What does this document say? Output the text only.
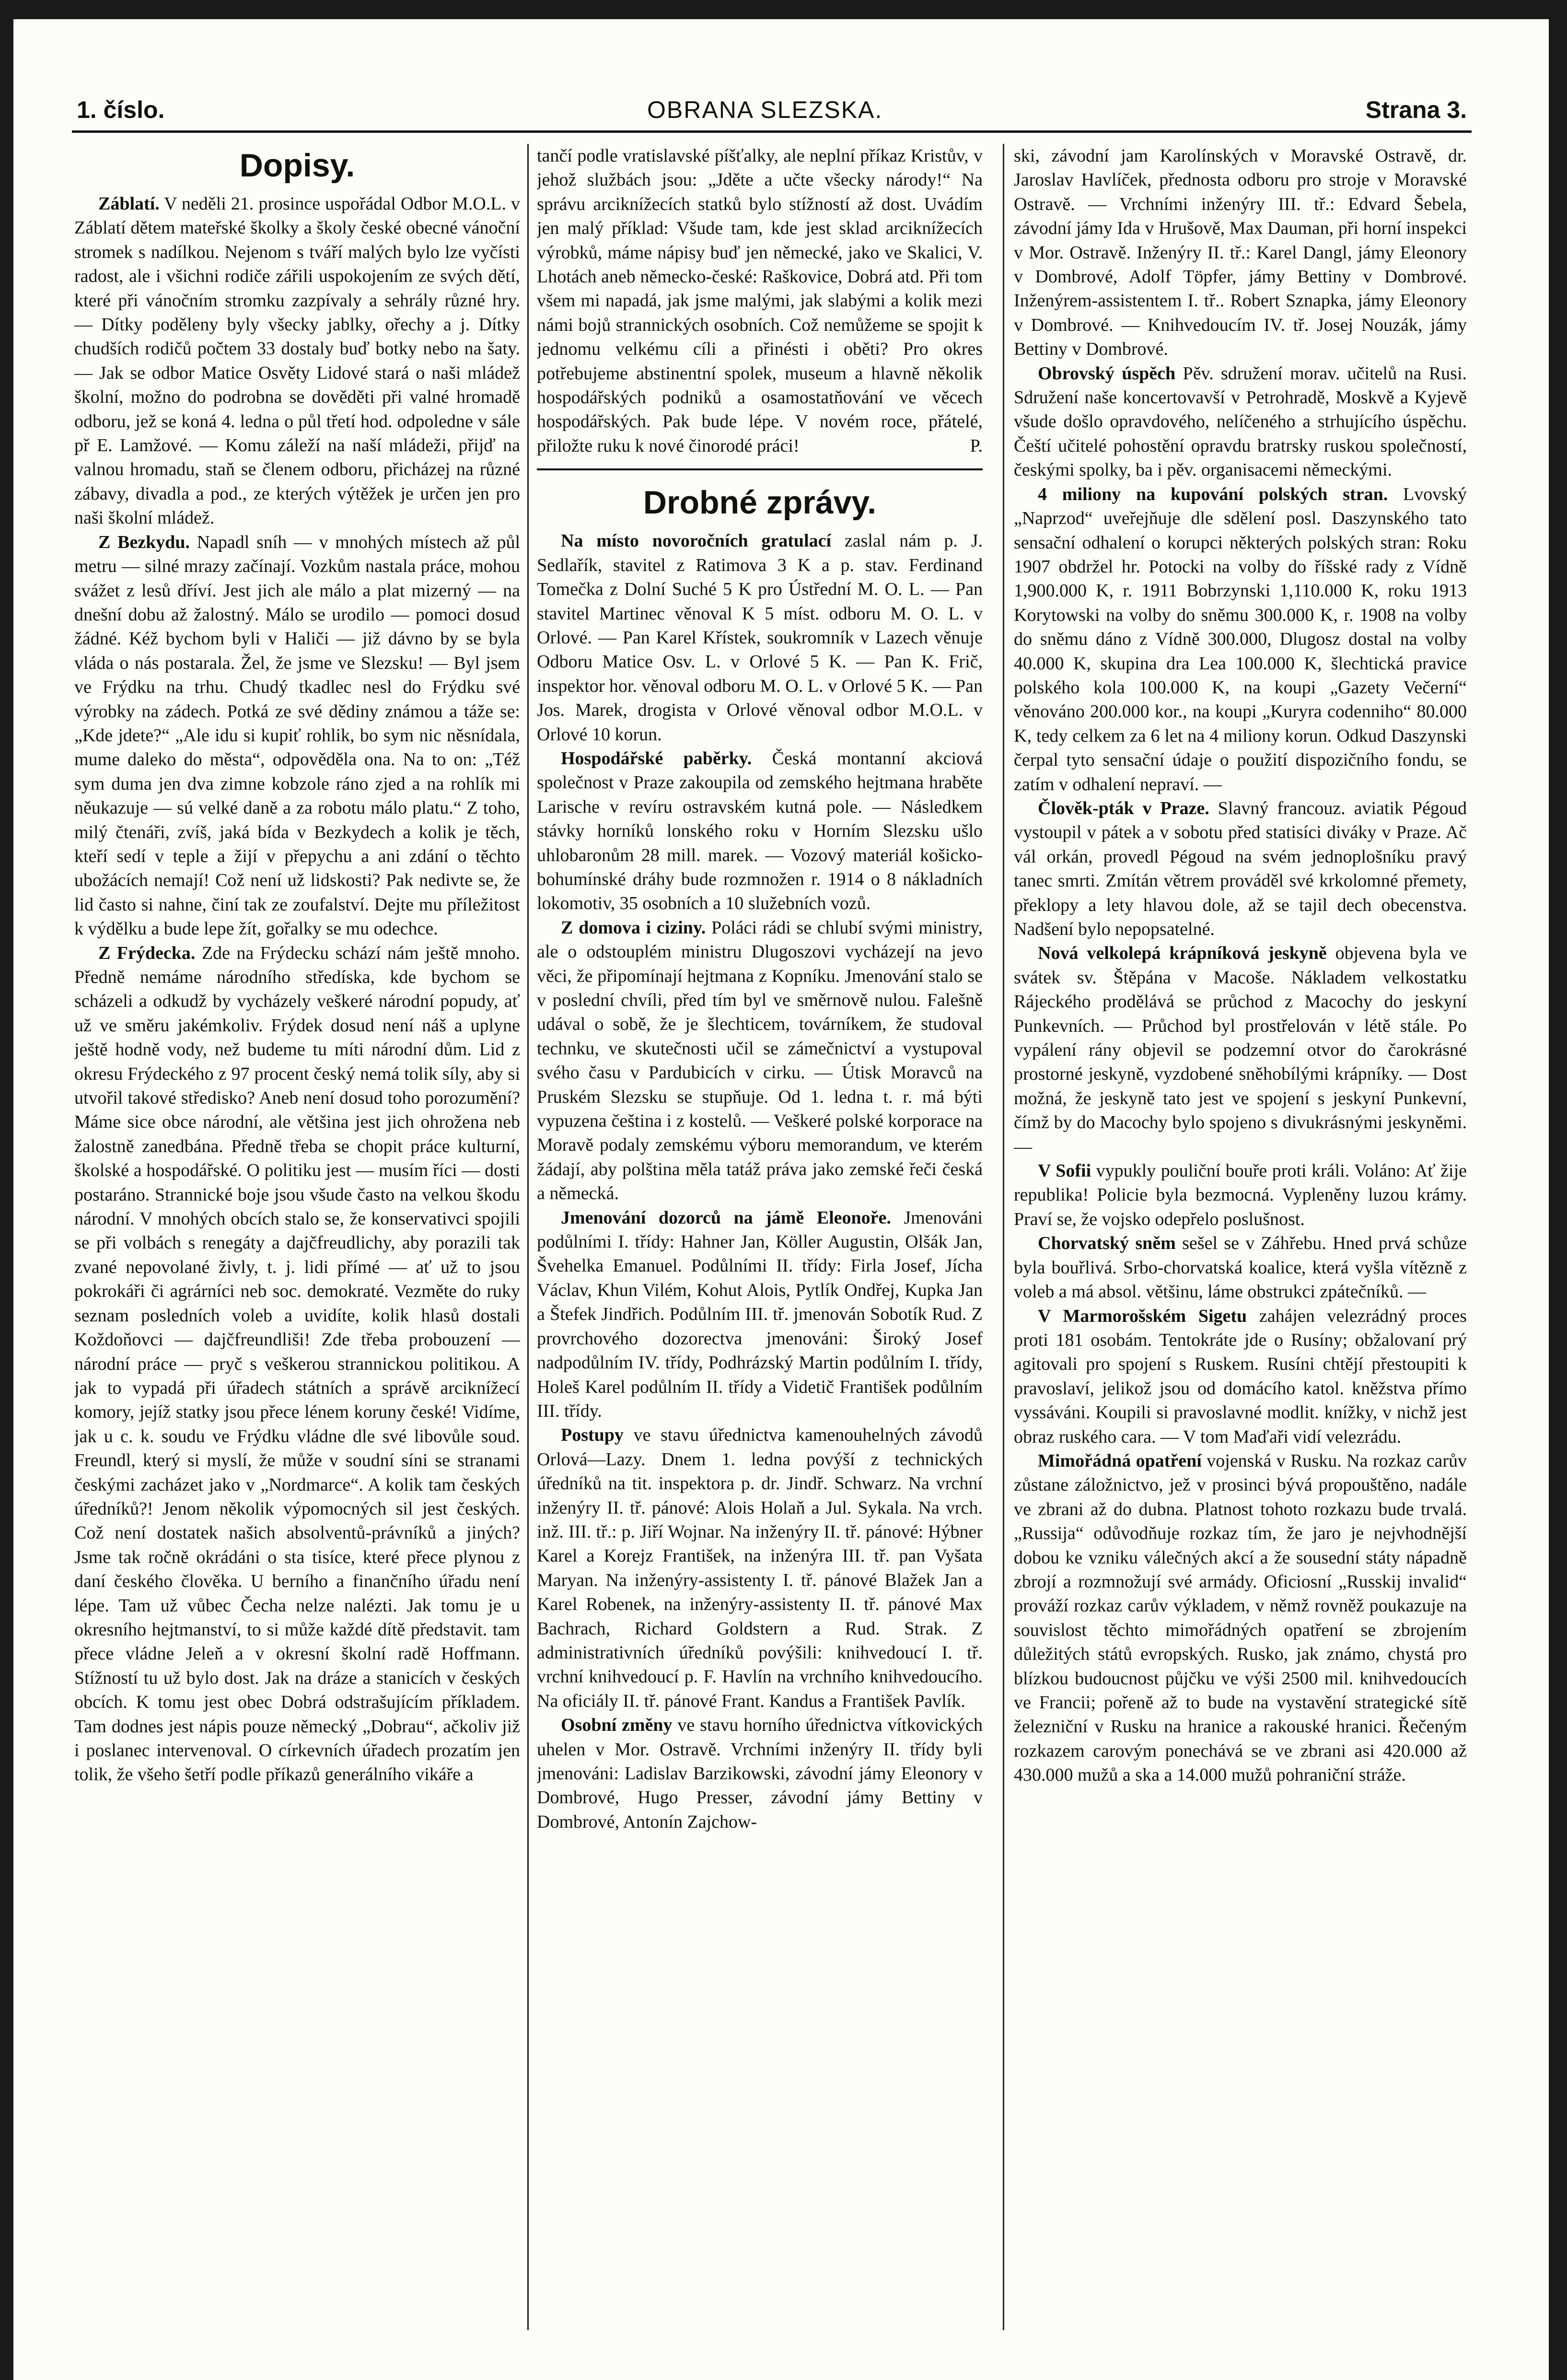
1. číslo.	OBRANA SLEZSKA.	Strana 3.
Dopisy.

Záblatí. V neděli 21. prosince uspořádal Odbor M.O.L. v Záblatí dětem mateřské školky a školy české obecné vánoční stromek s nadílkou. Nejenom s tváří malých bylo lze vyčísti radost, ale i všichni rodiče zářili uspokojením ze svých dětí, které při vánočním stromku zazpívaly a sehrály různé hry. — Dítky poděleny byly všecky jablky, ořechy a j. Dítky chudších rodičů počtem 33 dostaly buď botky nebo na šaty. — Jak se odbor Matice Osvěty Lidové stará o naši mládež školní, možno do podrobna se dověděti při valné hromadě odboru, jež se koná 4. ledna o půl třetí hod. odpoledne v sále př E. Lamžové. — Komu záleží na naší mládeži, přijď na valnou hromadu, staň se členem odboru, přicházej na různé zábavy, divadla a pod., ze kterých výtěžek je určen jen pro naši školní mládež.

Z Bezkydu. Napadl sníh — v mnohých místech až půl metru — silné mrazy začínají. Vozkům nastala práce, mohou svážet z lesů dříví. Jest jich ale málo a plat mizerný — na dnešní dobu až žalostný. Málo se urodilo — pomoci dosud žádné. Kéž bychom byli v Haliči — již dávno by se byla vláda o nás postarala. Žel, že jsme ve Slezsku! — Byl jsem ve Frýdku na trhu. Chudý tkadlec nesl do Frýdku své výrobky na zádech. Potká ze své dědiny známou a táže se: „Kde jdete?“ „Ale idu si kupiť rohlik, bo sym nic něsnídala, mume daleko do města“, odpověděla ona. Na to on: „Též sym duma jen dva zimne kobzole ráno zjed a na rohlík mi něukazuje — sú velké daně a za robotu málo platu.“ Z toho, milý čtenáři, zvíš, jaká bída v Bezkydech a kolik je těch, kteří sedí v teple a žijí v přepychu a ani zdání o těchto ubožácích nemají! Což není už lidskosti? Pak nedivte se, že lid často si nahne, činí tak ze zoufalství. Dejte mu příležitost k výdělku a bude lepe žít, gořalky se mu odechce.

Z Frýdecka. Zde na Frýdecku schází nám ještě mnoho. Předně nemáme národního středíska, kde bychom se scházeli a odkudž by vycházely veškeré národní popudy, ať už ve směru jakémkoliv. Frýdek dosud není náš a uplyne ještě hodně vody, než budeme tu míti národní dům. Lid z okresu Frýdeckého z 97 procent český nemá tolik síly, aby si utvořil takové středisko? Aneb není dosud toho porozumění? Máme sice obce národní, ale většina jest jich ohrožena neb žalostně zanedbána. Předně třeba se chopit práce kulturní, školské a hospodářské. O politiku jest — musím říci — dosti postaráno. Strannické boje jsou všude často na velkou škodu národní. V mnohých obcích stalo se, že konservativci spojili se při volbách s renegáty a dajčfreudlichy, aby porazili tak zvané nepovolané živly, t. j. lidi přímé — ať už to jsou pokrokáři či agrárníci neb soc. demokraté. Vezměte do ruky seznam posledních voleb a uvidíte, kolik hlasů dostali Koždoňovci — dajčfreundliši! Zde třeba probouzení — národní práce — pryč s veškerou strannickou politikou. A jak to vypadá při úřadech státních a správě arciknížecí komory, jejíž statky jsou přece lénem koruny české! Vidíme, jak u c. k. soudu ve Frýdku vládne dle své libovůle soud. Freundl, který si myslí, že může v soudní síni se stranami českými zacházet jako v „Nordmarce“. A kolik tam českých úředníků?! Jenom několik výpomocných sil jest českých. Což není dostatek našich absolventů-právníků a jiných? Jsme tak ročně okrádáni o sta tisíce, které přece plynou z daní českého člověka. U berního a finančního úřadu není lépe. Tam už vůbec Čecha nelze nalézti. Jak tomu je u okresního hejtmanství, to si může každé dítě představit. tam přece vládne Jeleň a v okresní školní radě Hoffmann. Stížností tu už bylo dost. Jak na dráze a stanicích v českých obcích. K tomu jest obec Dobrá odstrašujícím příkladem. Tam dodnes jest nápis pouze německý „Dobrau“, ačkoliv již i poslanec intervenoval. O církevních úřadech prozatím jen tolik, že všeho šetří podle příkazů generálního vikáře a

tančí podle vratislavské píšťalky, ale neplní příkaz Kristův, v jehož službách jsou: „Jděte a učte všecky národy!“ Na správu arciknížecích statků bylo stížností až dost. Uvádím jen malý příklad: Všude tam, kde jest sklad arciknížecích výrobků, máme nápisy buď jen německé, jako ve Skalici, V. Lhotách aneb německo-české: Raškovice, Dobrá atd. Při tom všem mi napadá, jak jsme malými, jak slabými a kolik mezi námi bojů strannických osobních. Což nemůžeme se spojit k jednomu velkému cíli a přinésti i oběti? Pro okres potřebujeme abstinentní spolek, museum a hlavně několik hospodářských podniků a osamostatňování ve věcech hospodářských. Pak bude lépe. V novém roce, přátelé, přiložte ruku k nové činorodé práci!	P.

Drobné zprávy.

Na místo novoročních gratulací zaslal nám p. J. Sedlařík, stavitel z Ratimova 3 K a p. stav. Ferdinand Tomečka z Dolní Suché 5 K pro Ústřední M. O. L. — Pan stavitel Martinec věnoval K 5 míst. odboru M. O. L. v Orlové. — Pan Karel Křístek, soukromník v Lazech věnuje Odboru Matice Osv. L. v Orlové 5 K. — Pan K. Frič, inspektor hor. věnoval odboru M. O. L. v Orlové 5 K. — Pan Jos. Marek, drogista v Orlové věnoval odbor M.O.L. v Orlové 10 korun.

Hospodářské paběrky. Česká montanní akciová společnost v Praze zakoupila od zemského hejtmana hraběte Larische v revíru ostravském kutná pole. — Následkem stávky horníků lonského roku v Horním Slezsku ušlo uhlobaronům 28 mill. marek. — Vozový materiál košicko-bohumínské dráhy bude rozmnožen r. 1914 o 8 nákladních lokomotiv, 35 osobních a 10 služebních vozů.

Z domova i ciziny. Poláci rádi se chlubí svými ministry, ale o odstouplém ministru Dlugoszovi vycházejí na jevo věci, že připomínají hejtmana z Kopníku. Jmenování stalo se v poslední chvíli, před tím byl ve směrnově nulou. Falešně udával o sobě, že je šlechticem, továrníkem, že studoval technku, ve skutečnosti učil se zámečnictví a vystupoval svého času v Pardubicích v cirku. — Útisk Moravců na Pruském Slezsku se stupňuje. Od 1. ledna t. r. má býti vypuzena čeština i z kostelů. — Veškeré polské korporace na Moravě podaly zemskému výboru memorandum, ve kterém žádají, aby polština měla tatáž práva jako zemské řeči česká a německá.

Jmenování dozorců na jámě Eleonoře. Jmenováni podůlními I. třídy: Hahner Jan, Köller Augustin, Olšák Jan, Švehelka Emanuel. Podůlními II. třídy: Firla Josef, Jícha Václav, Khun Vilém, Kohut Alois, Pytlík Ondřej, Kupka Jan a Štefek Jindřich. Podůlním III. tř. jmenován Sobotík Rud. Z provrchového dozorectva jmenováni: Široký Josef nadpodůlním IV. třídy, Podhrázský Martin podůlním I. třídy, Holeš Karel podůlním II. třídy a Videtič František podůlním III. třídy.

Postupy ve stavu úřednictva kamenouhelných závodů Orlová—Lazy. Dnem 1. ledna povýší z technických úředníků na tit. inspektora p. dr. Jindř. Schwarz. Na vrchní inženýry II. tř. pánové: Alois Holaň a Jul. Sykala. Na vrch. inž. III. tř.: p. Jiří Wojnar. Na inženýry II. tř. pánové: Hýbner Karel a Korejz František, na inženýra III. tř. pan Vyšata Maryan. Na inženýry-assistenty I. tř. pánové Blažek Jan a Karel Robenek, na inženýry-assistenty II. tř. pánové Max Bachrach, Richard Goldstern a Rud. Strak. Z administrativních úředníků povýšili: knihvedoucí I. tř. vrchní knihvedoucí p. F. Havlín na vrchního knihvedoucího. Na oficiály II. tř. pánové Frant. Kandus a František Pavlík.

Osobní změny ve stavu horního úřednictva vítkovických uhelen v Mor. Ostravě. Vrchními inženýry II. třídy byli jmenováni: Ladislav Barzikowski, závodní jámy Eleonory v Dombrové, Hugo Presser, závodní jámy Bettiny v Dombrové, Antonín Zajchow-

ski, závodní jam Karolínských v Moravské Ostravě, dr. Jaroslav Havlíček, přednosta odboru pro stroje v Moravské Ostravě. — Vrchními inženýry III. tř.: Edvard Šebela, závodní jámy Ida v Hrušově, Max Dauman, při horní inspekci v Mor. Ostravě. Inženýry II. tř.: Karel Dangl, jámy Eleonory v Dombrové, Adolf Töpfer, jámy Bettiny v Dombrové. Inženýrem-assistentem I. tř.. Robert Sznapka, jámy Eleonory v Dombrové. — Knihvedoucím IV. tř. Josej Nouzák, jámy Bettiny v Dombrové.

Obrovský úspěch Pěv. sdružení morav. učitelů na Rusi. Sdružení naše koncertovavší v Petrohradě, Moskvě a Kyjevě všude došlo opravdového, nelíčeného a strhujícího úspěchu. Čeští učitelé pohostění opravdu bratrsky ruskou společností, českými spolky, ba i pěv. organisacemi německými.

4 miliony na kupování polských stran. Lvovský „Naprzod“ uveřejňuje dle sdělení posl. Daszynského tato sensační odhalení o korupci některých polských stran: Roku 1907 obdržel hr. Potocki na volby do říšské rady z Vídně 1,900.000 K, r. 1911 Bobrzynski 1,110.000 K, roku 1913 Korytowski na volby do sněmu 300.000 K, r. 1908 na volby do sněmu dáno z Vídně 300.000, Dlugosz dostal na volby 40.000 K, skupina dra Lea 100.000 K, šlechtická pravice polského kola 100.000 K, na koupi „Gazety Večerní“ věnováno 200.000 kor., na koupi „Kuryra codenniho“ 80.000 K, tedy celkem za 6 let na 4 miliony korun. Odkud Daszynski čerpal tyto sensační údaje o použití dispozičního fondu, se zatím v odhalení nepraví. —

Člověk-pták v Praze. Slavný francouz. aviatik Pégoud vystoupil v pátek a v sobotu před statisíci diváky v Praze. Ač vál orkán, provedl Pégoud na svém jednoplošníku pravý tanec smrti. Zmítán větrem prováděl své krkolomné přemety, překlopy a lety hlavou dole, až se tajil dech obecenstva. Nadšení bylo nepopsatelné.

Nová velkolepá krápníková jeskyně objevena byla ve svátek sv. Štěpána v Macoše. Nákladem velkostatku Rájeckého prodělává se průchod z Macochy do jeskyní Punkevních. — Průchod byl prostřelován v létě stále. Po vypálení rány objevil se podzemní otvor do čarokrásné prostorné jeskyně, vyzdobené sněhobílými krápníky. — Dost možná, že jeskyně tato jest ve spojení s jeskyní Punkevní, čímž by do Macochy bylo spojeno s divukrásnými jeskyněmi. —

V Sofii vypukly pouliční bouře proti králi. Voláno: Ať žije republika! Policie byla bezmocná. Vypleněny luzou krámy. Praví se, že vojsko odepřelo poslušnost.

Chorvatský sněm sešel se v Záhřebu. Hned prvá schůze byla bouřlivá. Srbo-chorvatská koalice, která vyšla vítězně z voleb a má absol. většinu, láme obstrukci zpátečníků. —

V Marmorošském Sigetu zahájen velezrádný proces proti 181 osobám. Tentokráte jde o Rusíny; obžalovaní prý agitovali pro spojení s Ruskem. Rusíni chtějí přestoupiti k pravoslaví, jelikož jsou od domácího katol. kněžstva přímo vyssáváni. Koupili si pravoslavné modlit. knížky, v nichž jest obraz ruského cara. — V tom Maďaři vidí velezrádu.

Mimořádná opatření vojenská v Rusku. Na rozkaz carův zůstane záložnictvo, jež v prosinci bývá propouštěno, nadále ve zbrani až do dubna. Platnost tohoto rozkazu bude trvalá. „Russija“ odůvodňuje rozkaz tím, že jaro je nejvhodnější dobou ke vzniku válečných akcí a že sousední státy nápadně zbrojí a rozmnožují své armády. Oficiosní „Russkij invalid“ prováží rozkaz carův výkladem, v němž rovněž poukazuje na souvislost těchto mimořádných opatření se zbrojením důležitých států evropských. Rusko, jak známo, chystá pro blízkou budoucnost půjčku ve výši 2500 mil. knihvedoucích ve Francii; pořeně až to bude na vystavění strategické sítě železniční v Rusku na hranice a rakouské hranici. Řečeným rozkazem carovým ponechává se ve zbrani asi 420.000 až 430.000 mužů a ska a 14.000 mužů pohraniční stráže.
